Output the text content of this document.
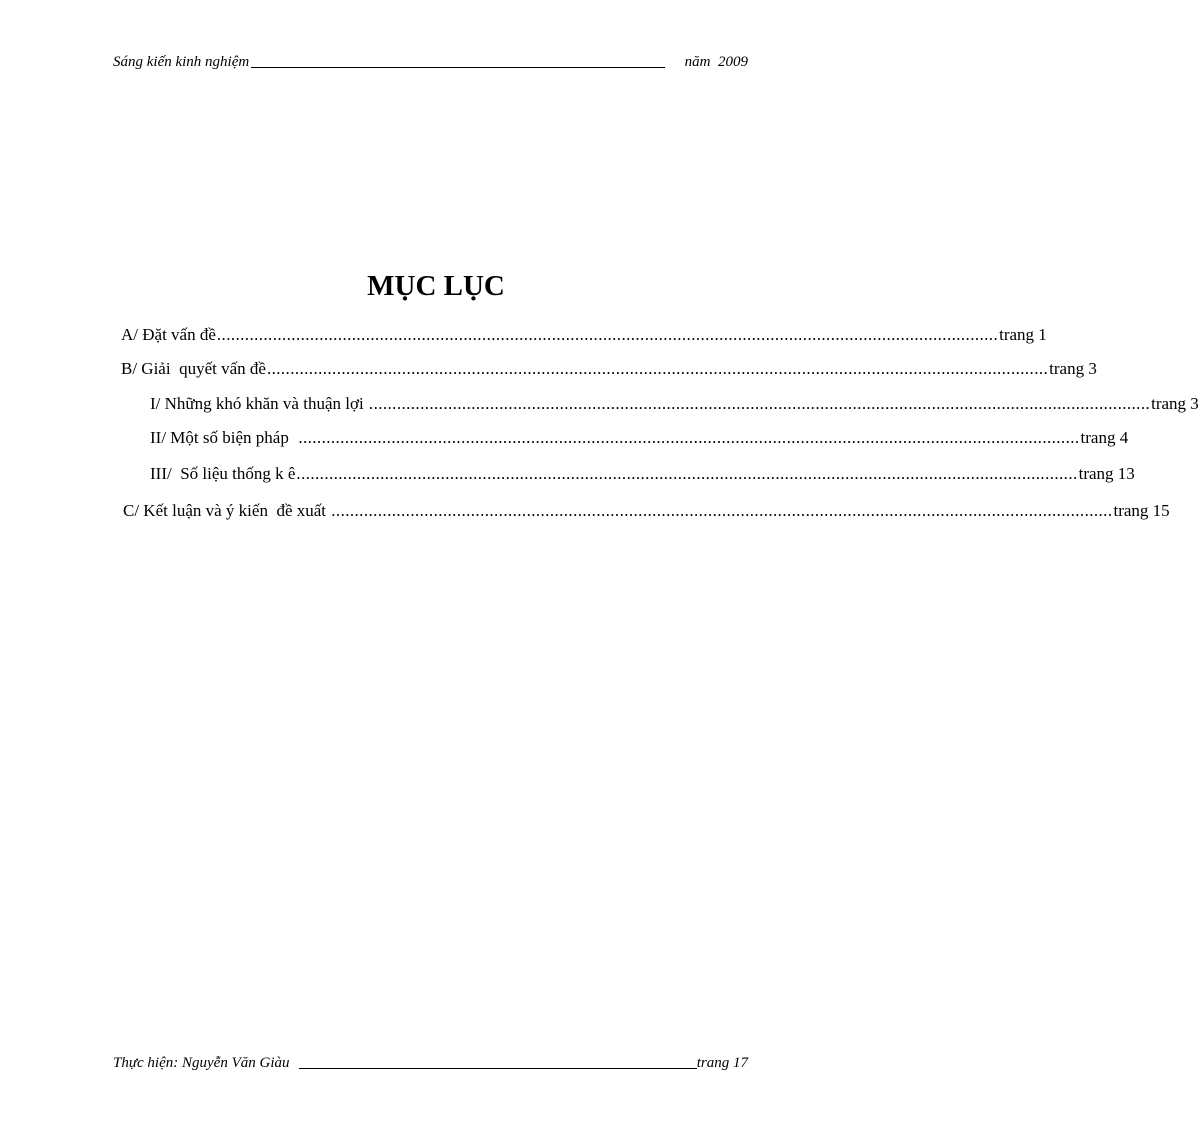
Sáng kiến kinh nghiệm	năm  2009
MỤC LỤC
A/ Đặt vấn đề ........................................................................................................................................................................ trang 1
B/ Giải  quyết vấn đề ........................................................................................................................................................................ trang 3
I/ Những khó khăn và thuận lợi ........................................................................................................................................................................ trang 3
II/ Một số biện pháp ........................................................................................................................................................................ trang 4
III/  Số liệu thống k ê ........................................................................................................................................................................ trang 13
C/ Kết luận và ý kiến  đề xuất ........................................................................................................................................................................ trang 15
Thực hiện: Nguyễn Văn Giàu	trang 17
